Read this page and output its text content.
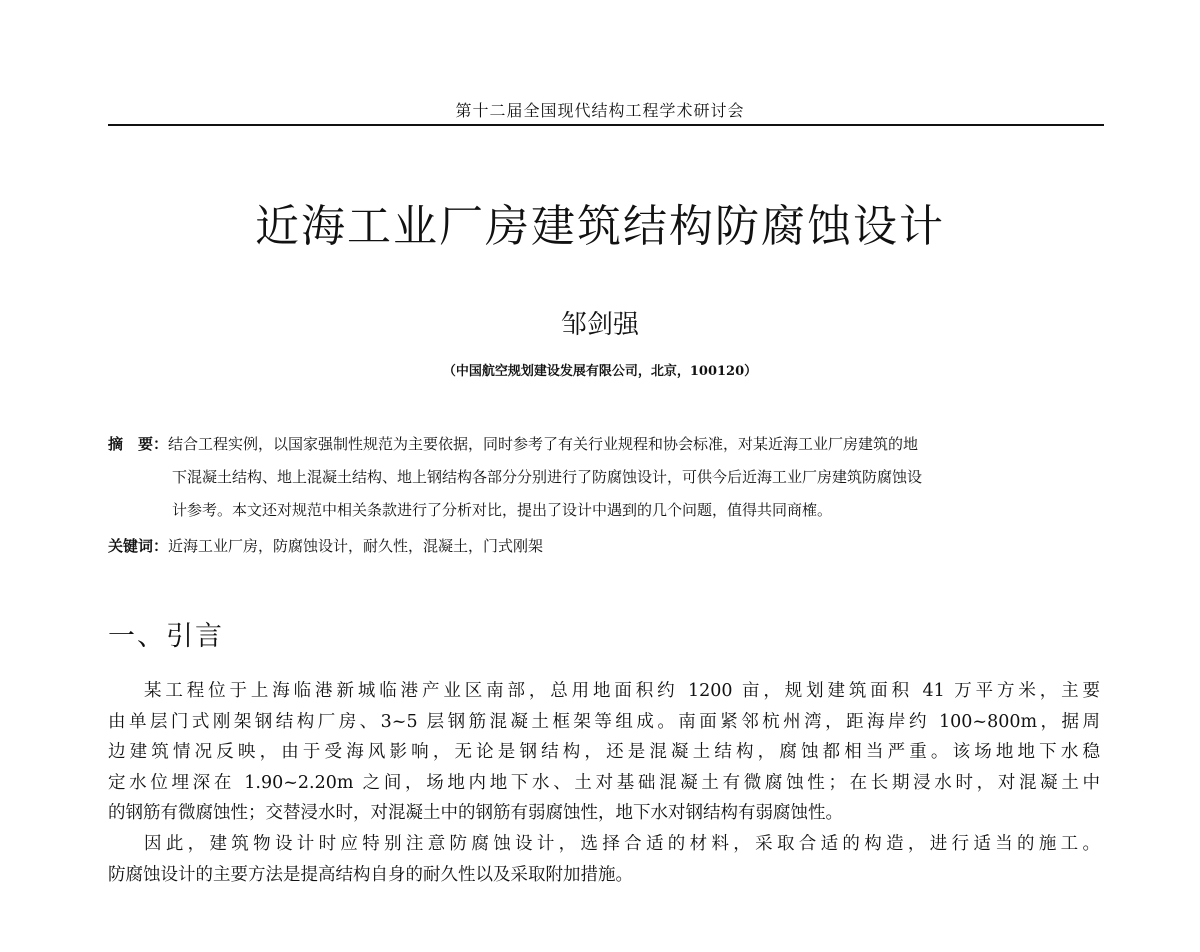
第十二届全国现代结构工程学术研讨会
近海工业厂房建筑结构防腐蚀设计
邹剑强
（中国航空规划建设发展有限公司，北京，100120）
摘　要：结合工程实例，以国家强制性规范为主要依据，同时参考了有关行业规程和协会标准，对某近海工业厂房建筑的地
下混凝土结构、地上混凝土结构、地上钢结构各部分分别进行了防腐蚀设计，可供今后近海工业厂房建筑防腐蚀设
计参考。本文还对规范中相关条款进行了分析对比，提出了设计中遇到的几个问题，值得共同商榷。
关键词：近海工业厂房，防腐蚀设计，耐久性，混凝土，门式刚架
一、引言
某工程位于上海临港新城临港产业区南部，总用地面积约 1200 亩，规划建筑面积 41 万平方米，主要
由单层门式刚架钢结构厂房、3~5 层钢筋混凝土框架等组成。南面紧邻杭州湾，距海岸约 100~800m，据周
边建筑情况反映，由于受海风影响，无论是钢结构，还是混凝土结构，腐蚀都相当严重。该场地地下水稳
定水位埋深在 1.90~2.20m 之间，场地内地下水、土对基础混凝土有微腐蚀性；在长期浸水时，对混凝土中
的钢筋有微腐蚀性；交替浸水时，对混凝土中的钢筋有弱腐蚀性，地下水对钢结构有弱腐蚀性。
因此，建筑物设计时应特别注意防腐蚀设计，选择合适的材料，采取合适的构造，进行适当的施工。
防腐蚀设计的主要方法是提高结构自身的耐久性以及采取附加措施。
